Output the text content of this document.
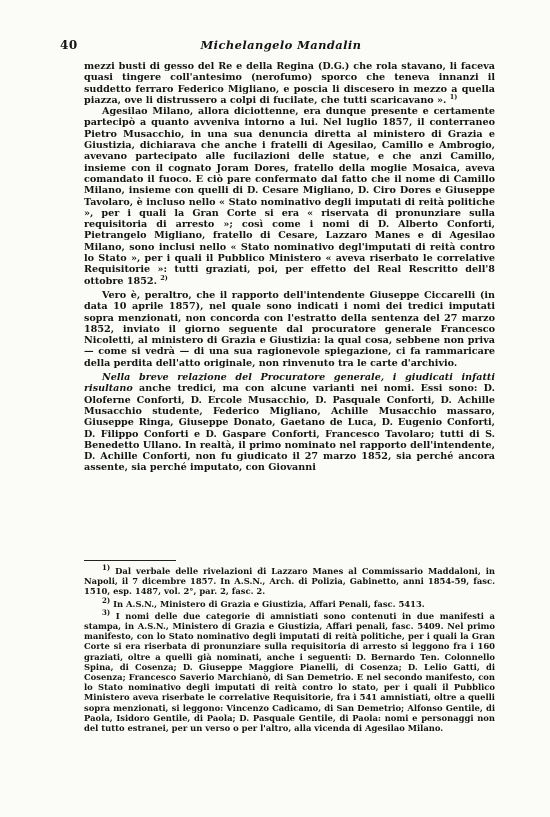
40	Michelangelo Mandalin

mezzi busti di gesso del Re e della Regina (D.G.) che rola stavano, li faceva quasi tingere coll'antesimo (nerofumo) sporco che teneva innanzi il suddetto ferraro Federico Migliano, e poscia li discesero in mezzo a quella piazza, ove li distrussero a colpi di fucilate, che tutti scaricavano ». $^{1)}$

Agesilao Milano, allora diciottenne, era dunque presente e certamente partecipò a quanto avveniva intorno a lui. Nel luglio 1857, il conterraneo Pietro Musacchio, in una sua denuncia diretta al ministero di Grazia e Giustizia, dichiarava che anche i fratelli di Agesilao, Camillo e Ambrogio, avevano partecipato alle fucilazioni delle statue, e che anzi Camillo, insieme con il cognato Joram Dores, fratello della moglie Mosaica, aveva comandato il fuoco. E ciò pare confermato dal fatto che il nome di Camillo Milano, insieme con quelli di D. Cesare Migliano, D. Ciro Dores e Giuseppe Tavolaro, è incluso nello « Stato nominativo degli imputati di reità politiche », per i quali la Gran Corte si era « riservata di pronunziare sulla requisitoria di arresto »; così come i nomi di D. Alberto Conforti, Pietrangelo Migliano, fratello di Cesare, Lazzaro Manes e di Agesilao Milano, sono inclusi nello « Stato nominativo degl'imputati di reità contro lo Stato », per i quali il Pubblico Ministero « aveva riserbato le correlative Requisitorie »: tutti graziati, poi, per effetto del Real Rescritto dell'8 ottobre 1852. $^{2)}$

Vero è, peraltro, che il rapporto dell'intendente Giuseppe Ciccarelli (in data 10 aprile 1857), nel quale sono indicati i nomi dei tredici imputati sopra menzionati, non concorda con l'estratto della sentenza del 27 marzo 1852, inviato il giorno seguente dal procuratore generale Francesco Nicoletti, al ministero di Grazia e Giustizia: la qual cosa, sebbene non priva — come si vedrà — di una sua ragionevole spiegazione, ci fa rammaricare della perdita dell'atto originale, non rinvenuto tra le carte d'archivio.

Nella breve relazione del Procuratore generale, i giudicati infatti risultano anche tredici, ma con alcune varianti nei nomi. Essi sono: D. Oloferne Conforti, D. Ercole Musacchio, D. Pasquale Conforti, D. Achille Musacchio studente, Federico Migliano, Achille Musacchio massaro, Giuseppe Ringa, Giuseppe Donato, Gaetano de Luca, D. Eugenio Conforti, D. Filippo Conforti e D. Gaspare Conforti, Francesco Tavolaro; tutti di S. Benedetto Ullano. In realtà, il primo nominato nel rapporto dell'intendente, D. Achille Conforti, non fu giudicato il 27 marzo 1852, sia perché ancora assente, sia perché imputato, con Giovanni

$^{1)}$ Dal verbale delle rivelazioni di Lazzaro Manes al Commissario Maddaloni, in Napoli, il 7 dicembre 1857. In A.S.N., Arch. di Polizia, Gabinetto, anni 1854-59, fasc. 1510, esp. 1487, vol. 2°, par. 2, fasc. 2.

$^{2)}$ In A.S.N., Ministero di Grazia e Giustizia, Affari Penali, fasc. 5413.

$^{3)}$ I nomi delle due categorie di amnistiati sono contenuti in due manifesti a stampa, in A.S.N., Ministero di Grazia e Giustizia, Affari penali, fasc. 5409. Nel primo manifesto, con lo Stato nominativo degli imputati di reità politiche, per i quali la Gran Corte si era riserbata di pronunziare sulla requisitoria di arresto si leggono fra i 160 graziati, oltre a quelli già nominati, anche i seguenti: D. Bernardo Ten. Colonnello Spina, di Cosenza; D. Giuseppe Maggiore Pianelli, di Cosenza; D. Lelio Gatti, di Cosenza; Francesco Saverio Marchianò, di San Demetrio. E nel secondo manifesto, con lo Stato nominativo degli imputati di reità contro lo stato, per i quali il Pubblico Ministero aveva riserbate le correlative Requisitorie, fra i 541 amnistiati, oltre a quelli sopra menzionati, si leggono: Vincenzo Cadicamo, di San Demetrio; Alfonso Gentile, di Paola, Isidoro Gentile, di Paola; D. Pasquale Gentile, di Paola: nomi e personaggi non del tutto estranei, per un verso o per l'altro, alla vicenda di Agesilao Milano.
